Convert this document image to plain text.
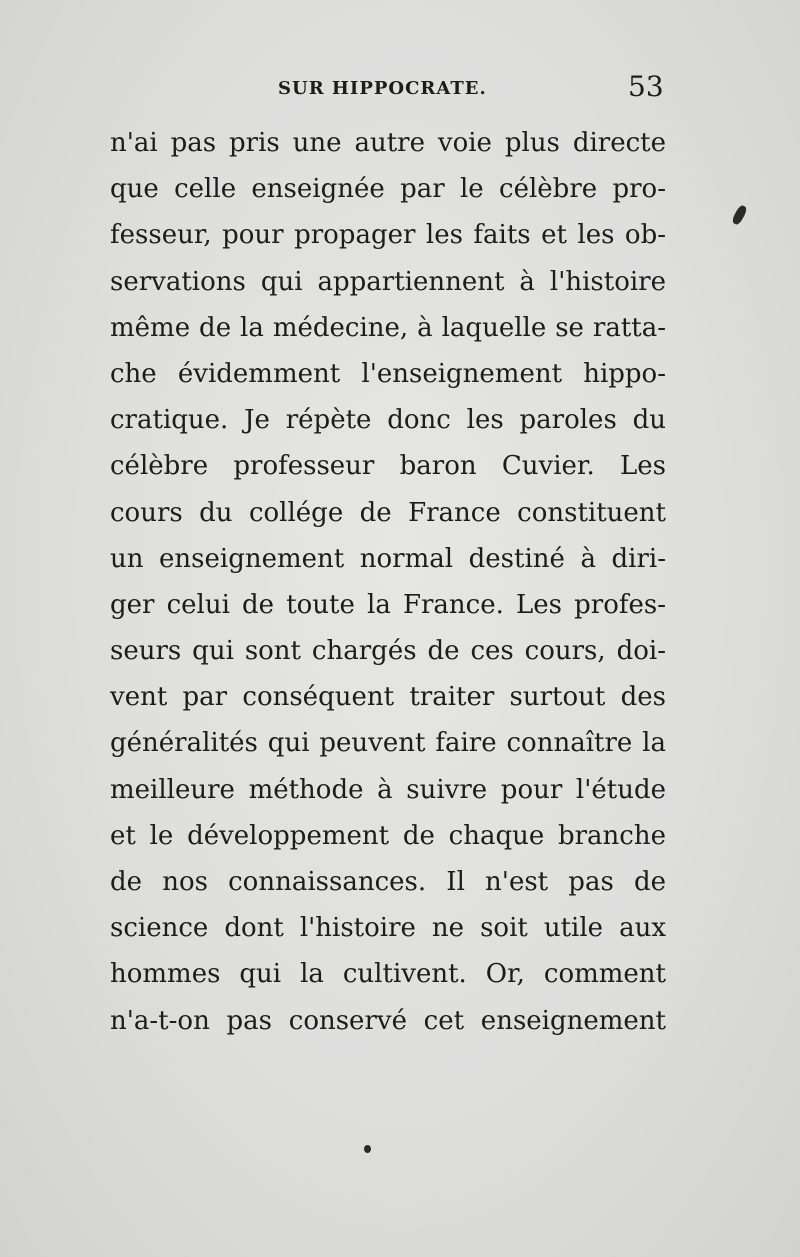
SUR HIPPOCRATE.	53
n'ai pas pris une autre voie plus directe
que celle enseignée par le célèbre pro-
fesseur, pour propager les faits et les ob-
servations qui appartiennent à l'histoire
même de la médecine, à laquelle se ratta-
che évidemment l'enseignement hippo-
cratique. Je répète donc les paroles du
célèbre professeur baron Cuvier. Les
cours du collége de France constituent
un enseignement normal destiné à diri-
ger celui de toute la France. Les profes-
seurs qui sont chargés de ces cours, doi-
vent par conséquent traiter surtout des
généralités qui peuvent faire connaître la
meilleure méthode à suivre pour l'étude
et le développement de chaque branche
de nos connaissances. Il n'est pas de
science dont l'histoire ne soit utile aux
hommes qui la cultivent. Or, comment
n'a-t-on pas conservé cet enseignement
